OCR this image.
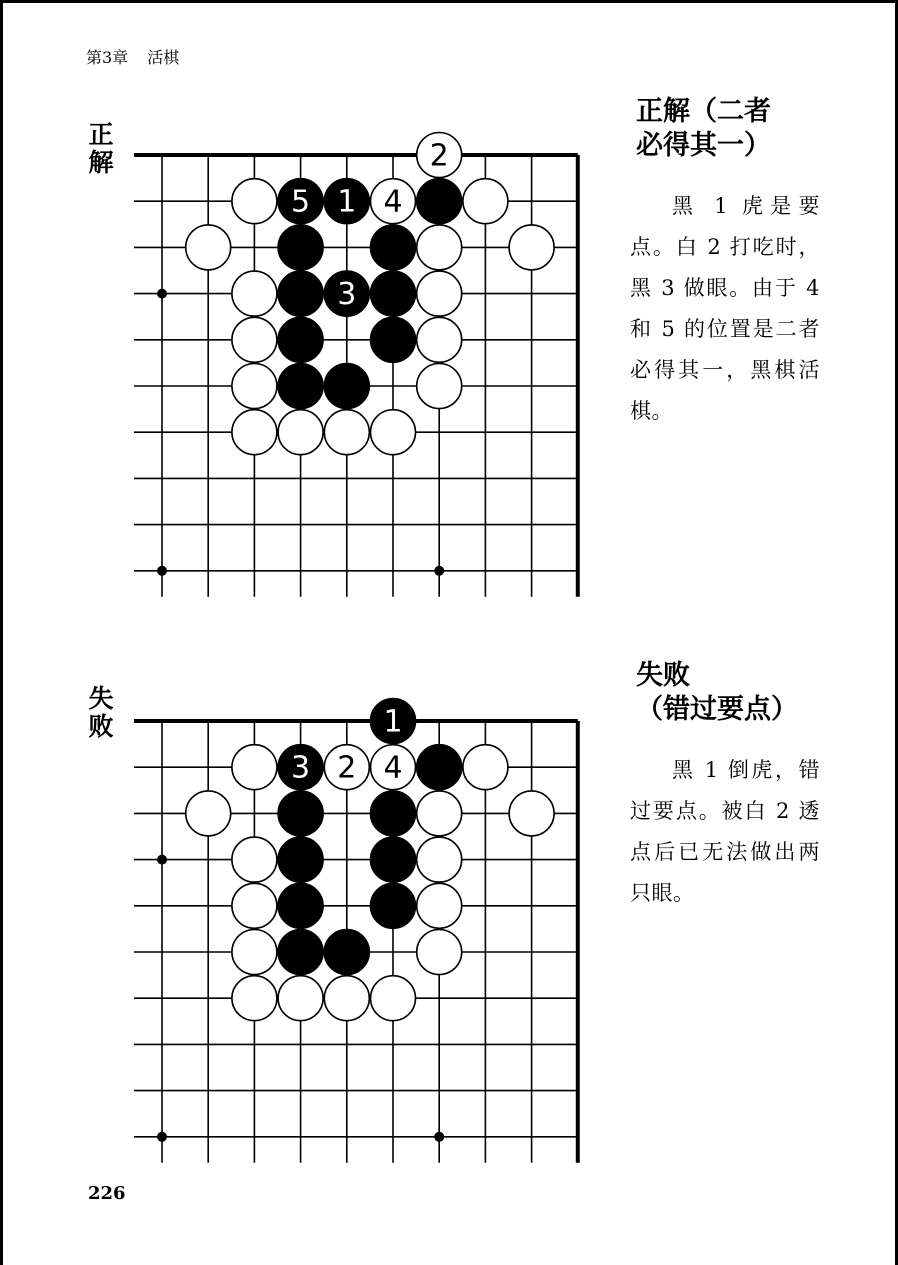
第3章 活棋
正
解	2
5 1 4
3
正解（二者
必得其一）
黑 1 虎是要点。白 2 打吃时，黑 3 做眼。由于 4 和 5 的位置是二者必得其一，黑棋活棋。
失
败	1
3 2 4
失败
（错过要点）
黑 1 倒虎，错过要点。被白 2 透点后已无法做出两只眼。
226
